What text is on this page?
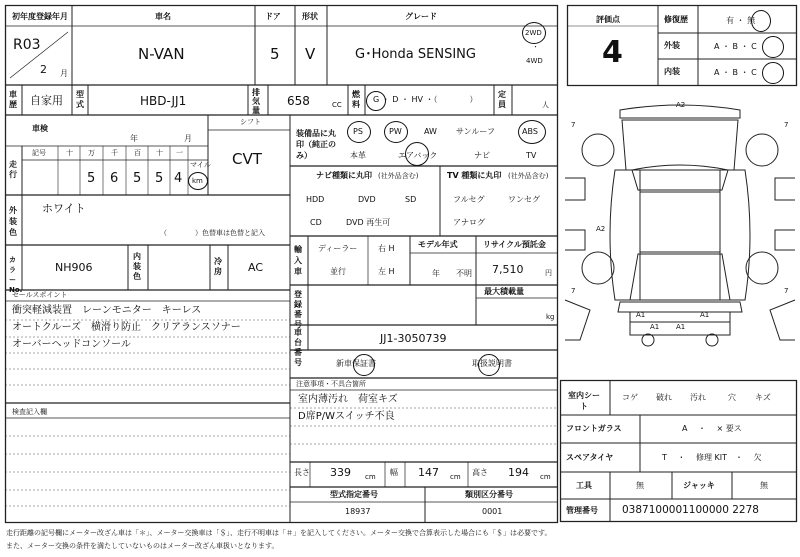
初年度登録年月
R03
2 月
車名
N-VAN
ドア
5
形状
V
グレード
G･Honda SENSING
2WD
・
4WD
車歴 自家用 型式	HBD-JJ1
排気量
658	CC
燃料
G ・ D ・ HV ・（　　　　）
定員	人
車検
年	月
シフト
CVT
走行
記号	十 万 千 百 十 一
5 6 5 5 4
マイル
km
装備品に丸印（純正のみ）
PS	PW	AW サンルーフ	ABS
本革	エアバック	ナビ	TV
ナビ種類に丸印 (社外品含む)
HDD	DVD	SD
CD	DVD 再生可
TV 種類に丸印 (社外品含む)
フルセグ	ワンセグ
アナログ
外装色
ホワイト
（　　　　）色替車は色替と記入
カラーNo.
NH906
内装色
冷房 AC
輸入車
ディーラー
並行
右 H
左 H
モデル年式
年 不明
リサイクル預託金
7,510	円
登録番号
最大積載量
kg
車台番号
JJ1-3050739
新車保証書	取扱説明書
セールスポイント
衝突軽減装置　レーンモニター　キーレス
オートクルーズ　横滑り防止　クリアランスソナー
オーバーヘッドコンソール
検査記入欄
注意事項・不具合箇所
室内薄汚れ　荷室キズ
D席P/Wスイッチ不良
長さ 339 cm 幅 147 cm 高さ 194 cm
型式指定番号
18937
類別区分番号
0001
評価点
4
修復歴	有 ・ 無
外装	A ・ B ・ C
内装	A ・ B ・ C
A2
A2
A1	A1
A1 A1
7	7
7	7
室内シート
コゲ 破れ 汚れ	穴 キズ
フロントガラス	A 　・　 × 要ス
スペアタイヤ	T 　・　 修理 KIT　・　 欠
工具	無	ジャッキ	無
管理番号 0387100001100000 2278
走行距離の記号欄にメーター改ざん車は「＊」、メーター交換車は「＄」、走行不明車は「＃」を記入してください。メーター交換で合算表示した場合にも「＄」は必要です。
また、メーター交換の条件を満たしていないものはメーター改ざん車扱いとなります。
